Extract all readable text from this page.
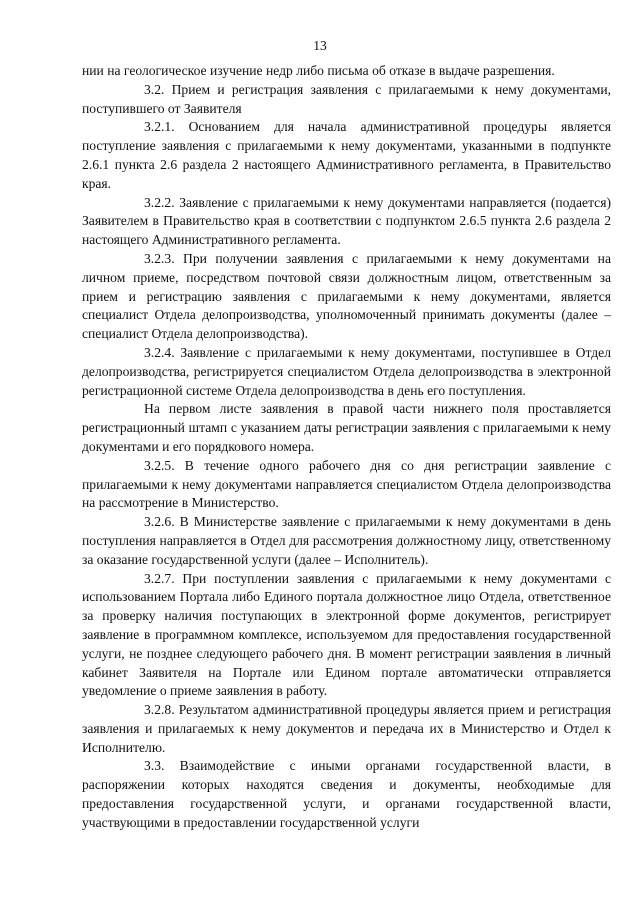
13

нии на геологическое изучение недр либо письма об отказе в выдаче разрешения.

3.2. Прием и регистрация заявления с прилагаемыми к нему документами, поступившего от Заявителя

3.2.1. Основанием для начала административной процедуры является поступление заявления с прилагаемыми к нему документами, указанными в подпункте 2.6.1 пункта 2.6 раздела 2 настоящего Административного регламента, в Правительство края.

3.2.2. Заявление с прилагаемыми к нему документами направляется (подается) Заявителем в Правительство края в соответствии с подпунктом 2.6.5 пункта 2.6 раздела 2 настоящего Административного регламента.

3.2.3. При получении заявления с прилагаемыми к нему документами на личном приеме, посредством почтовой связи должностным лицом, ответственным за прием и регистрацию заявления с прилагаемыми к нему документами, является специалист Отдела делопроизводства, уполномоченный принимать документы (далее – специалист Отдела делопроизводства).

3.2.4. Заявление с прилагаемыми к нему документами, поступившее в Отдел делопроизводства, регистрируется специалистом Отдела делопроизводства в электронной регистрационной системе Отдела делопроизводства в день его поступления.

На первом листе заявления в правой части нижнего поля проставляется регистрационный штамп с указанием даты регистрации заявления с прилагаемыми к нему документами и его порядкового номера.

3.2.5. В течение одного рабочего дня со дня регистрации заявление с прилагаемыми к нему документами направляется специалистом Отдела делопроизводства на рассмотрение в Министерство.

3.2.6. В Министерстве заявление с прилагаемыми к нему документами в день поступления направляется в Отдел для рассмотрения должностному лицу, ответственному за оказание государственной услуги (далее – Исполнитель).

3.2.7. При поступлении заявления с прилагаемыми к нему документами с использованием Портала либо Единого портала должностное лицо Отдела, ответственное за проверку наличия поступающих в электронной форме документов, регистрирует заявление в программном комплексе, используемом для предоставления государственной услуги, не позднее следующего рабочего дня. В момент регистрации заявления в личный кабинет Заявителя на Портале или Едином портале автоматически отправляется уведомление о приеме заявления в работу.

3.2.8. Результатом административной процедуры является прием и регистрация заявления и прилагаемых к нему документов и передача их в Министерство и Отдел к Исполнителю.

3.3. Взаимодействие с иными органами государственной власти, в распоряжении которых находятся сведения и документы, необходимые для предоставления государственной услуги, и органами государственной власти, участвующими в предоставлении государственной услуги
